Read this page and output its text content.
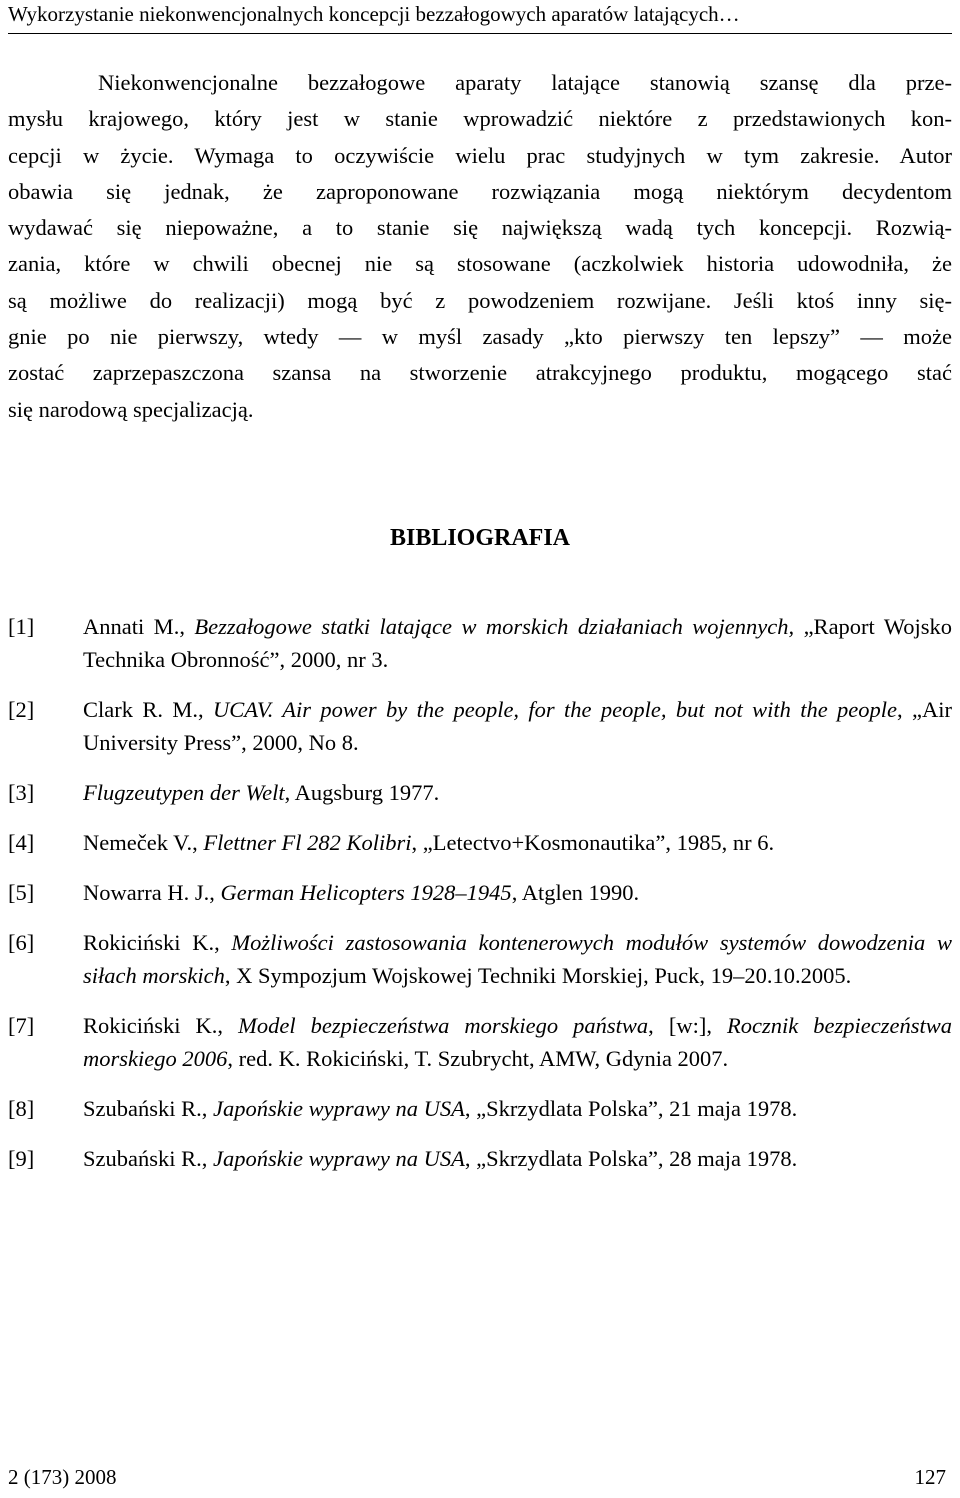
Wykorzystanie niekonwencjonalnych koncepcji bezzałogowych aparatów latających…
Niekonwencjonalne bezzałogowe aparaty latające stanowią szansę dla prze-
mysłu krajowego, który jest w stanie wprowadzić niektóre z przedstawionych kon-
cepcji w życie. Wymaga to oczywiście wielu prac studyjnych w tym zakresie. Autor
obawia się jednak, że zaproponowane rozwiązania mogą niektórym decydentom
wydawać się niepoważne, a to stanie się największą wadą tych koncepcji. Rozwią-
zania, które w chwili obecnej nie są stosowane (aczkolwiek historia udowodniła, że
są możliwe do realizacji) mogą być z powodzeniem rozwijane. Jeśli ktoś inny się-
gnie po nie pierwszy, wtedy — w myśl zasady „kto pierwszy ten lepszy” — może
zostać zaprzepaszczona szansa na stworzenie atrakcyjnego produktu, mogącego stać
się narodową specjalizacją.
BIBLIOGRAFIA
[1] Annati M., Bezzałogowe statki latające w morskich działaniach wojennych, „Raport Wojsko Technika Obronność”, 2000, nr 3.
[2] Clark R. M., UCAV. Air power by the people, for the people, but not with the people, „Air University Press”, 2000, No 8.
[3] Flugzeutypen der Welt, Augsburg 1977.
[4] Nemeček V., Flettner Fl 282 Kolibri, „Letectvo+Kosmonautika”, 1985, nr 6.
[5] Nowarra H. J., German Helicopters 1928–1945, Atglen 1990.
[6] Rokiciński K., Możliwości zastosowania kontenerowych modułów systemów dowodzenia w siłach morskich, X Sympozjum Wojskowej Techniki Morskiej, Puck, 19–20.10.2005.
[7] Rokiciński K., Model bezpieczeństwa morskiego państwa, [w:], Rocznik bezpieczeństwa morskiego 2006, red. K. Rokiciński, T. Szubrycht, AMW, Gdynia 2007.
[8] Szubański R., Japońskie wyprawy na USA, „Skrzydlata Polska”, 21 maja 1978.
[9] Szubański R., Japońskie wyprawy na USA, „Skrzydlata Polska”, 28 maja 1978.
2 (173) 2008	127
